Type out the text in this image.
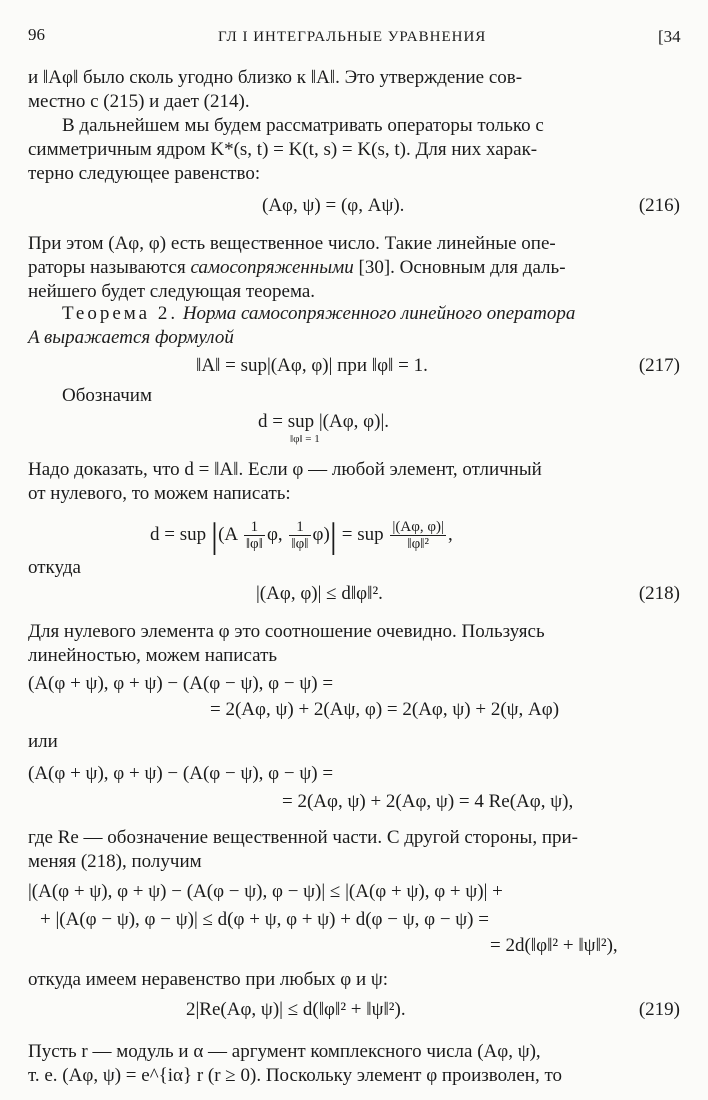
96	ГЛ I ИНТЕГРАЛЬНЫЕ УРАВНЕНИЯ	[34
и ‖Aφ‖ было сколь угодно близко к ‖A‖. Это утверждение сов-
местно с (215) и дает (214).
В дальнейшем мы будем рассматривать операторы только с
симметричным ядром K*(s, t) = K(t, s) = K(s, t). Для них харак-
терно следующее равенство:
(Aφ, ψ) = (φ, Aψ).	(216)
При этом (Aφ, φ) есть вещественное число. Такие линейные опе-
раторы называются самосопряженными [30]. Основным для даль-
нейшего будет следующая теорема.
Теорема 2. Норма самосопряженного линейного оператора
A выражается формулой
‖A‖ = sup|(Aφ, φ)| при ‖φ‖ = 1.	(217)
Обозначим
d = sup |(Aφ, φ)|.
‖φ‖ = 1
Надо доказать, что d = ‖A‖. Если φ — любой элемент, отличный
от нулевого, то можем написать:
d = sup $|(A \frac{1}{‖\varphi‖} \varphi$, $\frac{1}{‖\varphi‖} \varphi)|$ = sup $\frac{|(A\varphi, \varphi)|}{\text{‖φ‖²}}$ ,
откуда
|(Aφ, φ)| ≤ d‖φ‖².	(218)
Для нулевого элемента φ это соотношение очевидно. Пользуясь
линейностью, можем написать
(A(φ + ψ), φ + ψ) − (A(φ − ψ), φ − ψ) =
= 2(Aφ, ψ) + 2(Aψ, φ) = 2(Aφ, ψ) + 2(ψ, Aφ)
или
(A(φ + ψ), φ + ψ) − (A(φ − ψ), φ − ψ) =
= 2(Aφ, ψ) + 2(Aφ, ψ) = 4 Re(Aφ, ψ),
где Re — обозначение вещественной части. С другой стороны, при-
меняя (218), получим
|(A(φ + ψ), φ + ψ) − (A(φ − ψ), φ − ψ)| ≤ |(A(φ + ψ), φ + ψ)| +
+ |(A(φ − ψ), φ − ψ)| ≤ d(φ + ψ, φ + ψ) + d(φ − ψ, φ − ψ) =
= 2d(‖φ‖² + ‖ψ‖²),
откуда имеем неравенство при любых φ и ψ:
2|Re(Aφ, ψ)| ≤ d(‖φ‖² + ‖ψ‖²).	(219)
Пусть r — модуль и α — аргумент комплексного числа (Aφ, ψ),
т. е. (Aφ, ψ) = e^{iα} r (r ≥ 0). Поскольку элемент φ произволен, то
